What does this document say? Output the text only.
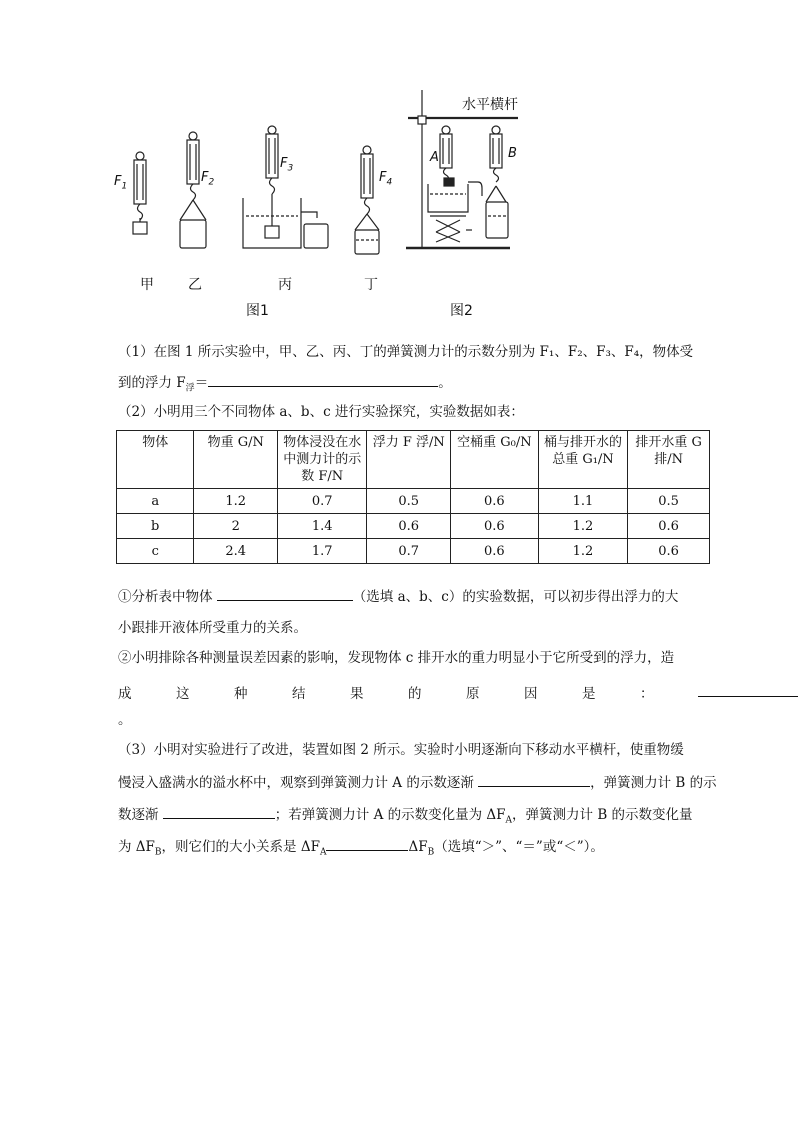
$F_1$
$F_2$
$F_3$
$F_4$
A	B
水平横杆
甲 乙	丙	丁
图1	图2
（1）在图 1 所示实验中，甲、乙、丙、丁的弹簧测力计的示数分别为 F₁、F₂、F₃、F₄，物体受
到的浮力 $F_浮=$	。
（2）小明用三个不同物体 a、b、c 进行实验探究，实验数据如表：
物体	物重 G/N	物体浸没在水中测力计的示数 F/N	浮力 F 浮/N	空桶重 G₀/N	桶与排开水的总重 G₁/N	排开水重 G 排/N
a	1.2	0.7	0.5	0.6	1.1	0.5
b	2	1.4	0.6	0.6	1.2	0.6
c	2.4	1.7	0.7	0.6	1.2	0.6
①分析表中物体	（选填 a、b、c）的实验数据，可以初步得出浮力的大
小跟排开液体所受重力的关系。
②小明排除各种测量误差因素的影响，发现物体 c 排开水的重力明显小于它所受到的浮力，造
成	这	种	结	果	的	原	因	是	：
。
（3）小明对实验进行了改进，装置如图 2 所示。实验时小明逐渐向下移动水平横杆，使重物缓
慢浸入盛满水的溢水杯中，观察到弹簧测力计 A 的示数逐渐	，弹簧测力计 B 的示
数逐渐	；若弹簧测力计 A 的示数变化量为 $\Delta F_A$，弹簧测力计 B 的示数变化量
为 $\Delta F_B$，则它们的大小关系是 $\Delta F_A$	$\Delta F_B$（选填“＞”、“＝”或“＜”）。
